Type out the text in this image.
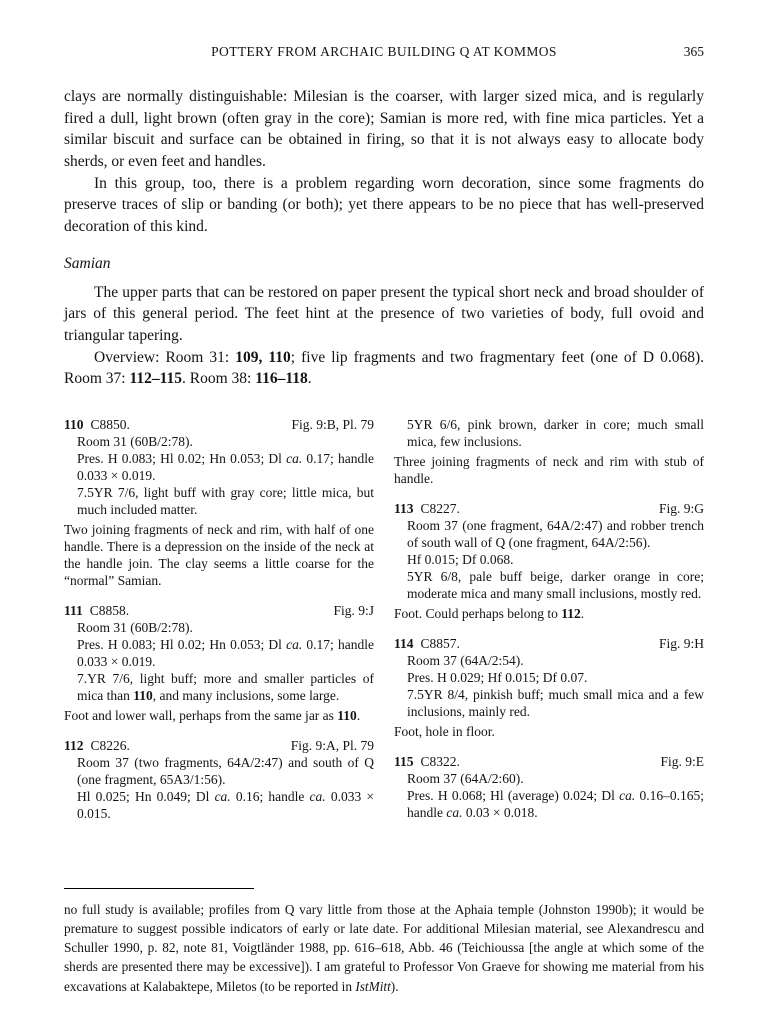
POTTERY FROM ARCHAIC BUILDING Q AT KOMMOS	365

clays are normally distinguishable: Milesian is the coarser, with larger sized mica, and is regularly fired a dull, light brown (often gray in the core); Samian is more red, with fine mica particles. Yet a similar biscuit and surface can be obtained in firing, so that it is not always easy to allocate body sherds, or even feet and handles.

In this group, too, there is a problem regarding worn decoration, since some fragments do preserve traces of slip or banding (or both); yet there appears to be no piece that has well-preserved decoration of this kind.

Samian

The upper parts that can be restored on paper present the typical short neck and broad shoulder of jars of this general period. The feet hint at the presence of two varieties of body, full ovoid and triangular tapering.

Overview: Room 31: 109, 110; five lip fragments and two fragmentary feet (one of D 0.068). Room 37: 112–115. Room 38: 116–118.

110 C8850.	Fig. 9:B, Pl. 79

Room 31 (60B/2:78).

Pres. H 0.083; Hl 0.02; Hn 0.053; Dl ca. 0.17; handle 0.033 × 0.019.

7.5YR 7/6, light buff with gray core; little mica, but much included matter.

Two joining fragments of neck and rim, with half of one handle. There is a depression on the inside of the neck at the handle join. The clay seems a little coarse for the “normal” Samian.

111 C8858.	Fig. 9:J

Room 31 (60B/2:78).

Pres. H 0.083; Hl 0.02; Hn 0.053; Dl ca. 0.17; handle 0.033 × 0.019.

7.YR 7/6, light buff; more and smaller particles of mica than 110, and many inclusions, some large.

Foot and lower wall, perhaps from the same jar as 110.

112 C8226.	Fig. 9:A, Pl. 79

Room 37 (two fragments, 64A/2:47) and south of Q (one fragment, 65A3/1:56).

Hl 0.025; Hn 0.049; Dl ca. 0.16; handle ca. 0.033 × 0.015.

5YR 6/6, pink brown, darker in core; much small mica, few inclusions.

Three joining fragments of neck and rim with stub of handle.

113 C8227.	Fig. 9:G

Room 37 (one fragment, 64A/2:47) and robber trench of south wall of Q (one fragment, 64A/2:56).

Hf 0.015; Df 0.068.

5YR 6/8, pale buff beige, darker orange in core; moderate mica and many small inclusions, mostly red.

Foot. Could perhaps belong to 112.

114 C8857.	Fig. 9:H

Room 37 (64A/2:54).

Pres. H 0.029; Hf 0.015; Df 0.07.

7.5YR 8/4, pinkish buff; much small mica and a few inclusions, mainly red.

Foot, hole in floor.

115 C8322.	Fig. 9:E

Room 37 (64A/2:60).

Pres. H 0.068; Hl (average) 0.024; Dl ca. 0.16–0.165; handle ca. 0.03 × 0.018.

no full study is available; profiles from Q vary little from those at the Aphaia temple (Johnston 1990b); it would be premature to suggest possible indicators of early or late date. For additional Milesian material, see Alexandrescu and Schuller 1990, p. 82, note 81, Voigtländer 1988, pp. 616–618, Abb. 46 (Teichioussa [the angle at which some of the sherds are presented there may be excessive]). I am grateful to Professor Von Graeve for showing me material from his excavations at Kalabaktepe, Miletos (to be reported in IstMitt).
